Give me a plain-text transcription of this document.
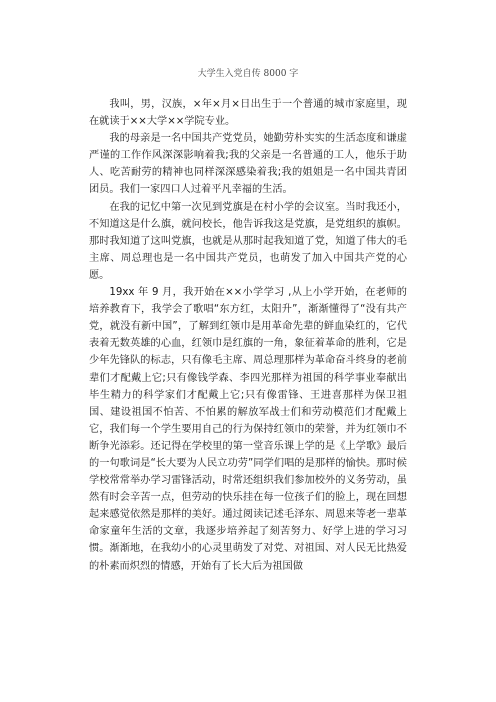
大学生入党自传 8000 字

我叫，男，汉族，×年×月×日出生于一个普通的城市家庭里，现在就读于××大学××学院专业。

我的母亲是一名中国共产党党员，她勤劳朴实实的生活态度和谦虚严谨的工作作风深深影响着我;我的父亲是一名普通的工人，他乐于助人、吃苦耐劳的精神也同样深深感染着我;我的姐姐是一名中国共青团团员。我们一家四口人过着平凡幸福的生活。

在我的记忆中第一次见到党旗是在村小学的会议室。当时我还小，不知道这是什么旗，就问校长，他告诉我这是党旗，是党组织的旗帜。那时我知道了这叫党旗，也就是从那时起我知道了党，知道了伟大的毛主席、周总理也是一名中国共产党员，也萌发了加入中国共产党的心愿。

19xx 年 9 月，我开始在××小学学习 ,从上小学开始，在老师的培养教育下，我学会了歌唱“东方红，太阳升”，渐渐懂得了“没有共产党，就没有新中国”，了解到红领巾是用革命先辈的鲜血染红的，它代表着无数英雄的心血，红领巾是红旗的一角，象征着革命的胜利，它是少年先锋队的标志，只有像毛主席、周总理那样为革命奋斗终身的老前辈们才配戴上它;只有像钱学森、李四光那样为祖国的科学事业奉献出毕生精力的科学家们才配戴上它;只有像雷锋、王进喜那样为保卫祖国、建设祖国不怕苦、不怕累的解放军战士们和劳动模范们才配戴上它，我们每一个学生要用自己的行为保持红领巾的荣誉，并为红领巾不断争光添彩。还记得在学校里的第一堂音乐课上学的是《上学歌》最后的一句歌词是“长大要为人民立功劳”同学们唱的是那样的愉快。那时候学校常常举办学习雷锋活动，时常还组织我们参加校外的义务劳动，虽然有时会辛苦一点，但劳动的快乐挂在每一位孩子们的脸上，现在回想起来感觉依然是那样的美好。通过阅读记述毛泽东、周恩来等老一辈革命家童年生活的文章，我逐步培养起了刻苦努力、好学上进的学习习惯。渐渐地，在我幼小的心灵里萌发了对党、对祖国、对人民无比热爱的朴素而炽烈的情感，开始有了长大后为祖国做
